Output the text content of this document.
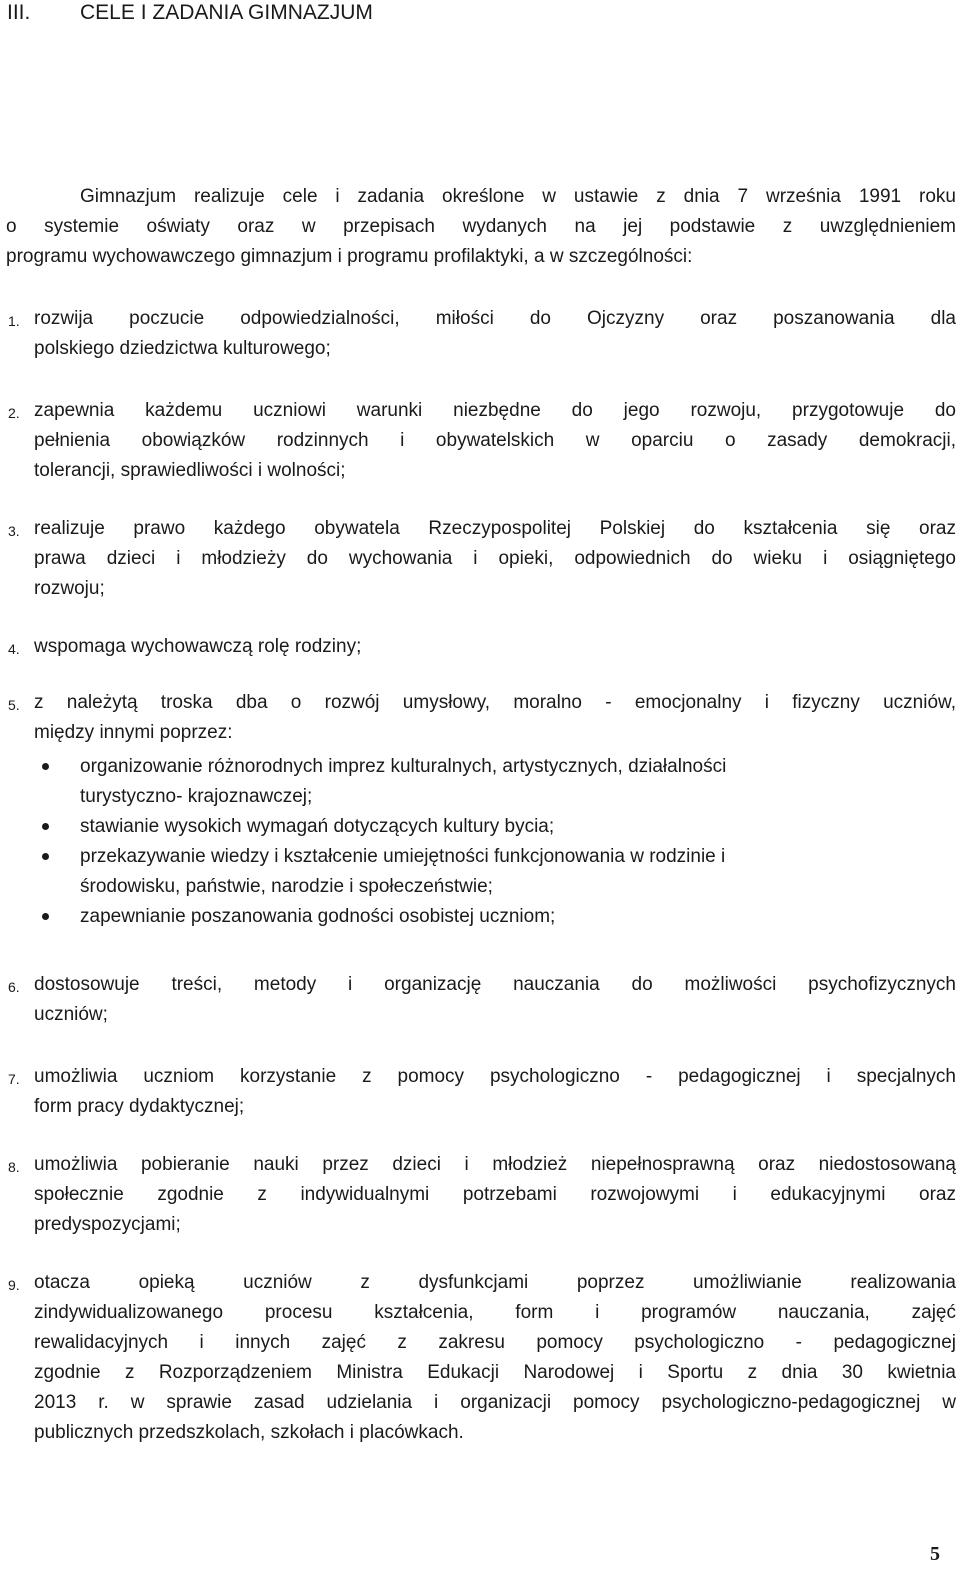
III. CELE I ZADANIA GIMNAZJUM
Gimnazjum realizuje cele i zadania określone w ustawie z dnia 7 września 1991 roku
o systemie oświaty oraz w przepisach wydanych na jej podstawie z uwzględnieniem
programu wychowawczego gimnazjum i programu profilaktyki, a w szczególności:
1. rozwija poczucie odpowiedzialności, miłości do Ojczyzny oraz poszanowania dla
polskiego dziedzictwa kulturowego;
2. zapewnia każdemu uczniowi warunki niezbędne do jego rozwoju, przygotowuje do
pełnienia obowiązków rodzinnych i obywatelskich w oparciu o zasady demokracji,
tolerancji, sprawiedliwości i wolności;
3. realizuje prawo każdego obywatela Rzeczypospolitej Polskiej do kształcenia się oraz
prawa dzieci i młodzieży do wychowania i opieki, odpowiednich do wieku i osiągniętego
rozwoju;
4. wspomaga wychowawczą rolę rodziny;
5. z należytą troska dba o rozwój umysłowy, moralno - emocjonalny i fizyczny uczniów,
między innymi poprzez:
organizowanie różnorodnych imprez kulturalnych, artystycznych, działalności
turystyczno- krajoznawczej;
stawianie wysokich wymagań dotyczących kultury bycia;
przekazywanie wiedzy i kształcenie umiejętności funkcjonowania w rodzinie i
środowisku, państwie, narodzie i społeczeństwie;
zapewnianie poszanowania godności osobistej uczniom;
6. dostosowuje treści, metody i organizację nauczania do możliwości psychofizycznych
uczniów;
7. umożliwia uczniom korzystanie z pomocy psychologiczno - pedagogicznej i specjalnych
form pracy dydaktycznej;
8. umożliwia pobieranie nauki przez dzieci i młodzież niepełnosprawną oraz niedostosowaną
społecznie zgodnie z indywidualnymi potrzebami rozwojowymi i edukacyjnymi oraz
predyspozycjami;
9. otacza opieką uczniów z dysfunkcjami poprzez umożliwianie realizowania
zindywidualizowanego procesu kształcenia, form i programów nauczania, zajęć
rewalidacyjnych i innych zajęć z zakresu pomocy psychologiczno - pedagogicznej
zgodnie z Rozporządzeniem Ministra Edukacji Narodowej i Sportu z dnia 30 kwietnia
2013 r. w sprawie zasad udzielania i organizacji pomocy psychologiczno-pedagogicznej w
publicznych przedszkolach, szkołach i placówkach.
5
